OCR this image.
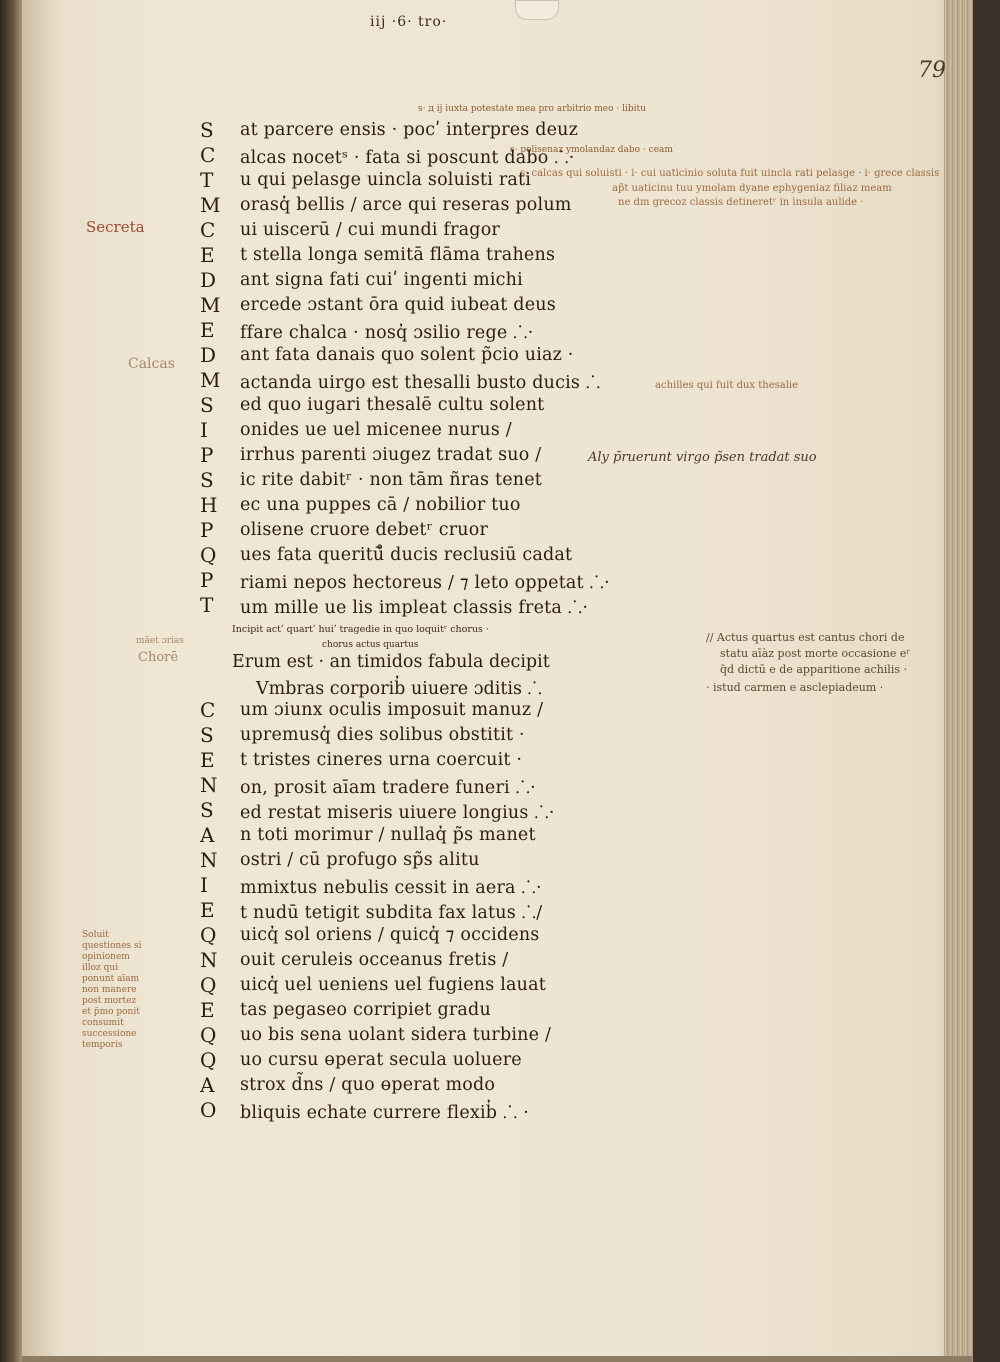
iij ·6· tro·
79
s· д ij iuxta potestate mea pro arbitrio meo · libitu
s· polisenaz ymolandaz dabo · ceam
s· calcas qui soluisti · i· cui uaticinio soluta fuit uincla rati pelasge · i· grece classis
ap̃t uaticinu tuu ymolam dyane ephygeniaz filiaz meam
ne dm grecoz classis detineretʳ in insula aulide ·
achilles qui fuit dux thesalie
Secreta
Calcas
māet ɔrias
Chorē
Soluit questiones si opinionem illoz qui ponunt aīam non manere post mortez et p̃mo ponit consumit successione temporis
Aly p̃ruerunt virgo p̃sen tradat suo
// Actus quartus est cantus chori de
statu aīàz post morte occasione eʳ
q̄d dictū e de apparitione achilis ·
· istud carmen e asclepiadeum ·
S at parcere ensis · pocʹ interpres deuz
C alcas nocetˢ · fata si poscunt dabo ⸫·
T u qui pelasge uincla soluisti rati
M orasq̓ bellis / arce qui reseras polum
C ui uiscerū / cui mundi fragor
E t stella longa semitā flāma trahens
D ant signa fati cuiʹ ingenti michi
M ercede ɔstant ōra quid iubeat deus
E ffare chalca · nosq̓ ɔsilio rege ⸫·
D ant fata danais quo solent p̃cio uiaz ·
M actanda uirgo est thesalli busto ducis ⸫
S ed quo iugari thesalē cultu solent
I onides ue uel micenee nurus /
P irrhus parenti ɔiugez tradat suo /
S ic rite dabitʳ · non tām ñras tenet
H ec una puppes cā / nobilior tuo
P olisene cruore debetʳ cruor
Q ues fata queritū̊ ducis reclusiū cadat
P riami nepos hectoreus / ⁊ leto oppetat ⸫·
T um mille ue lis impleat classis freta ⸫·
Incipit actʹ quartʹ huiʹ tragedie in quo loquitʳ chorus ·
chorus actus quartus
Erum est · an timidos fabula decipit
Vmbras corporib̓ uiuere ɔditis ⸫
C um ɔiunx oculis imposuit manuz /
S upremusq̓ dies solibus obstitit ·
E t tristes cineres urna coercuit ·
N on, prosit aīam tradere funeri ⸫·
S ed restat miseris uiuere longius ⸫·
A n toti morimur / nullaq̓ p̃s manet
N ostri / cū profugo sp̃s alitu
I mmixtus nebulis cessit in aera ⸫·
E t nudū tetigit subdita fax latus ⸫/
Q uicq̓ sol oriens / quicq̓ ⁊ occidens
N ouit ceruleis occeanus fretis /
Q uicq̓ uel ueniens uel fugiens lauat
E tas pegaseo corripiet gradu
Q uo bis sena uolant sidera turbine /
Q uo cursu ɵperat secula uoluere
A strox d̃ns / quo ɵperat modo
O bliquis echate currere flexib̓ ⸫ ·
